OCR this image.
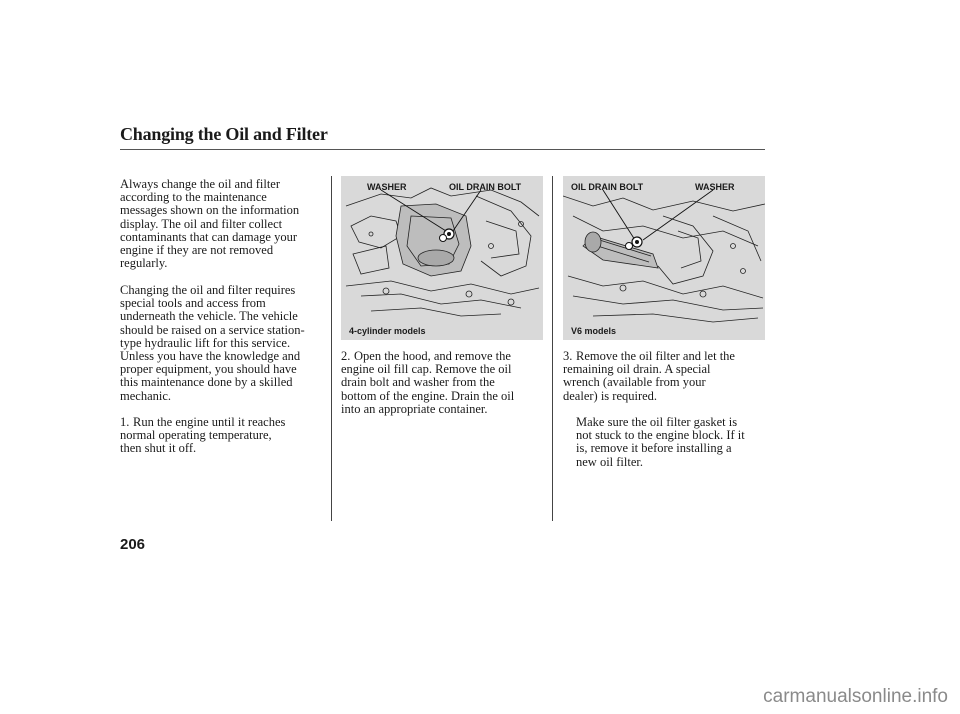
Changing the Oil and Filter
Always change the oil and filter
according to the maintenance
messages shown on the information
display. The oil and filter collect
contaminants that can damage your
engine if they are not removed
regularly.
Changing the oil and filter requires
special tools and access from
underneath the vehicle. The vehicle
should be raised on a service station-
type hydraulic lift for this service.
Unless you have the knowledge and
proper equipment, you should have
this maintenance done by a skilled
mechanic.
1. Run the engine until it reaches
normal operating temperature,
then shut it off.
WASHER	OIL DRAIN BOLT
4-cylinder models
2. Open the hood, and remove the
engine oil fill cap. Remove the oil
drain bolt and washer from the
bottom of the engine. Drain the oil
into an appropriate container.
OIL DRAIN BOLT	WASHER
V6 models
3. Remove the oil filter and let the
remaining oil drain. A special
wrench (available from your
dealer) is required.
Make sure the oil filter gasket is
not stuck to the engine block. If it
is, remove it before installing a
new oil filter.
206
carmanualsonline.info
